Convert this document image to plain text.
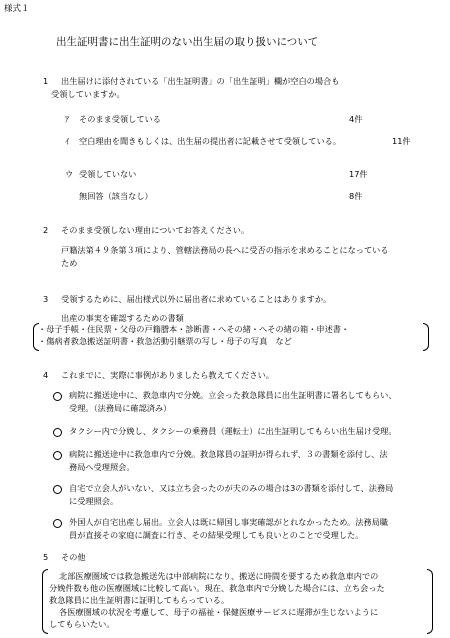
様式１
出生証明書に出生証明のない出生届の取り扱いについて
1 出生届けに添付されている「出生証明書」の「出生証明」欄が空白の場合も
受領していますか。
ｱ そのまま受領している	4件
ｲ 空白理由を聞きもしくは、出生届の提出者に記載させて受領している。	11件
ウ 受領していない	17件
無回答（該当なし）	8件
2 そのまま受領しない理由についてお答えください。
戸籍法第４９条第３項により、管轄法務局の長へに受否の指示を求めることになっている
ため
3 受領するために、届出様式以外に届出者に求めていることはありますか。
出産の事実を確認するための書類
・母子手帳・住民票・父母の戸籍謄本・診断書・へその緒・へその緒の箱・申述書・
・傷病者救急搬送証明書・救急活動引継票の写し・母子の写真　など
4 これまでに、実際に事例がありましたら教えてください。
病院に搬送途中に、救急車内で分娩。立会った救急隊員に出生証明書に署名してもらい、
受理。（法務局に確認済み）
タクシー内で分娩し、タクシーの乗務員（運転士）に出生証明してもらい出生届け受理。
病院に搬送途中に救急車内で分娩。救急隊員の証明が得られず、３の書類を添付し、法
務局へ受理照会。
自宅で立会人がいない、又は立ち会ったのが夫のみの場合は3の書類を添付して、法務局
に受理照会。
外国人が自宅出産し届出。立会人は既に帰国し事実確認がとれなかったため。法務局職
員が直接その家庭に調査に行き、その結果受理しても良いとのことで受理した。
5 その他
北部医療圏域では救急搬送先は中部病院になり、搬送に時間を要するため救急車内での
分娩件数も他の医療圏域に比較して高い。現在、救急車内で分娩した場合には、立ち会った
救急隊員に出生証明書に証明してもらっている。
各医療圏域の状況を考慮して、母子の福祉・保健医療サービスに遅滞が生じないように
してもらいたい。
